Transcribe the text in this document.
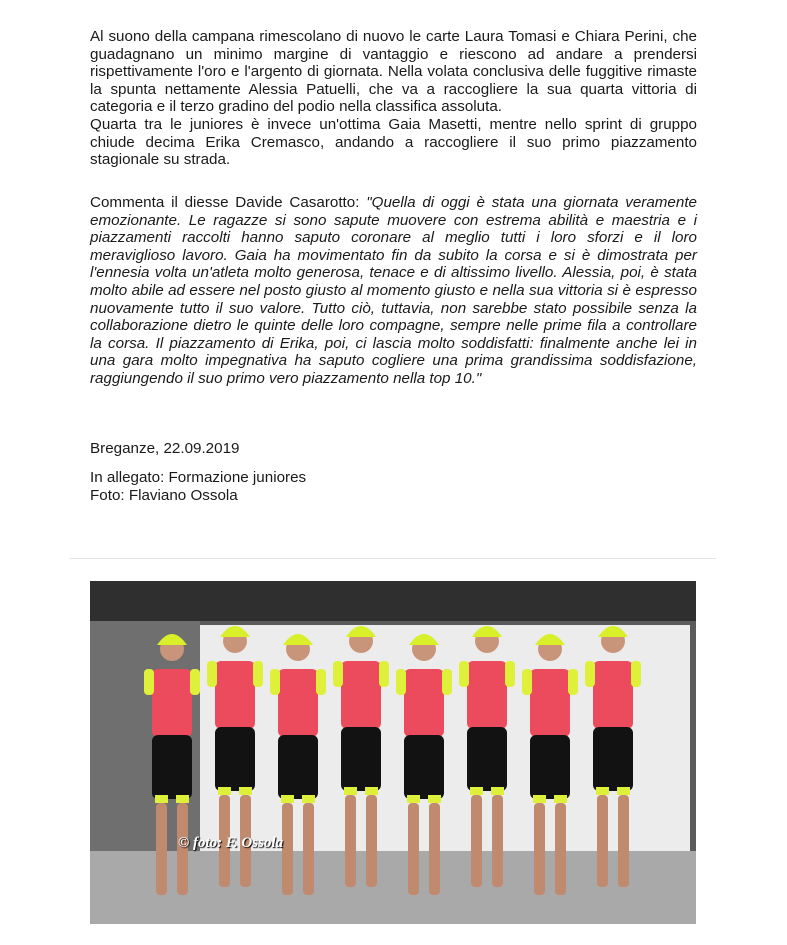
Al suono della campana rimescolano di nuovo le carte Laura Tomasi e Chiara Perini, che guadagnano un minimo margine di vantaggio e riescono ad andare a prendersi rispettivamente l'oro e l'argento di giornata. Nella volata conclusiva delle fuggitive rimaste la spunta nettamente Alessia Patuelli, che va a raccogliere la sua quarta vittoria di categoria e il terzo gradino del podio nella classifica assoluta.

Quarta tra le juniores è invece un'ottima Gaia Masetti, mentre nello sprint di gruppo chiude decima Erika Cremasco, andando a raccogliere il suo primo piazzamento stagionale su strada.

Commenta il diesse Davide Casarotto: "Quella di oggi è stata una giornata veramente emozionante. Le ragazze si sono sapute muovere con estrema abilità e maestria e i piazzamenti raccolti hanno saputo coronare al meglio tutti i loro sforzi e il loro meraviglioso lavoro. Gaia ha movimentato fin da subito la corsa e si è dimostrata per l'ennesia volta un'atleta molto generosa, tenace e di altissimo livello. Alessia, poi, è stata molto abile ad essere nel posto giusto al momento giusto e nella sua vittoria si è espresso nuovamente tutto il suo valore. Tutto ciò, tuttavia, non sarebbe stato possibile senza la collaborazione dietro le quinte delle loro compagne, sempre nelle prime fila a controllare la corsa. Il piazzamento di Erika, poi, ci lascia molto soddisfatti: finalmente anche lei in una gara molto impegnativa ha saputo cogliere una prima grandissima soddisfazione, raggiungendo il suo primo vero piazzamento nella top 10."

Breganze, 22.09.2019
In allegato: Formazione juniores
Foto: Flaviano Ossola
© foto: F. Ossola
